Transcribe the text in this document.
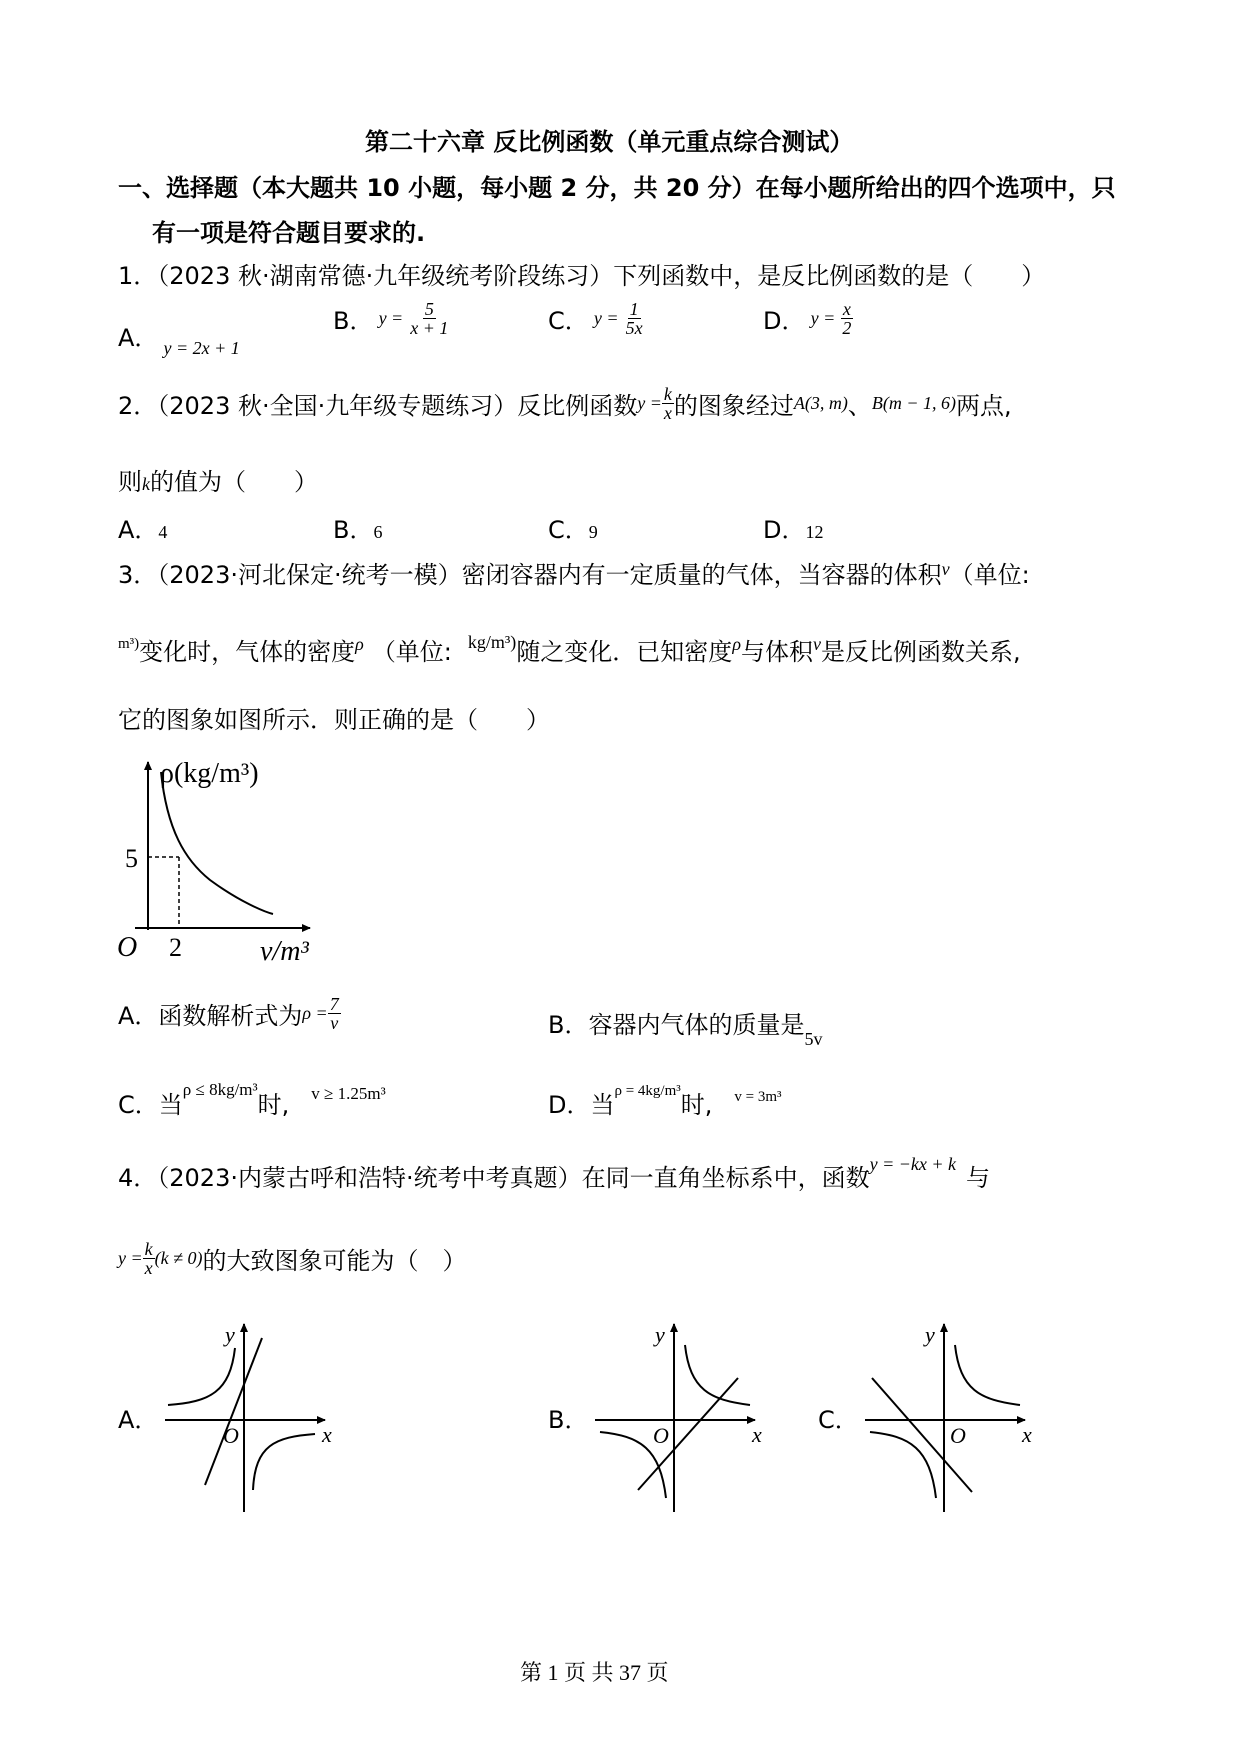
第二十六章 反比例函数（单元重点综合测试）
一、选择题（本大题共 10 小题，每小题 2 分，共 20 分）在每小题所给出的四个选项中，只
有一项是符合题目要求的.
1．（2023 秋·湖南常德·九年级统考阶段练习）下列函数中，是反比例函数的是（　　）
A． y = 2x + 1
B． $y = \frac{5}{x + 1}$	C． $y = \frac{1}{5x}$	D． $y = \frac{x}{2}$
2．（2023 秋·全国·九年级专题练习）反比例函数$y = \frac{k}{x}$ 的图象经过A(3, m)、B(m − 1, 6)两点,
则k的值为（　　）
A．4	B．6	C．9	D．12
3．（2023·河北保定·统考一模）密闭容器内有一定质量的气体，当容器的体积v（单位:
m³)变化时，气体的密度ρ （单位: kg/m³)随之变化．已知密度ρ与体积v是反比例函数关系,
它的图象如图所示．则正确的是（　　）
ρ(kg/m³)
v/m³
O 2
5
A．函数解析式为$\rho = \frac{7}{v}$	B．容器内气体的质量是5v
C．当ρ ≤ 8kg/m³时, v ≥ 1.25m³	D．当ρ = 4kg/m³时, v = 3m³
4．（2023·内蒙古呼和浩特·统考中考真题）在同一直角坐标系中，函数y = −kx + k 与
$y = \frac{k}{x} (k \ne 0)$的大致图象可能为（　）
A．
y
x
O
B．
y
x
O
C．
y
x
O
第 1 页 共 37 页
